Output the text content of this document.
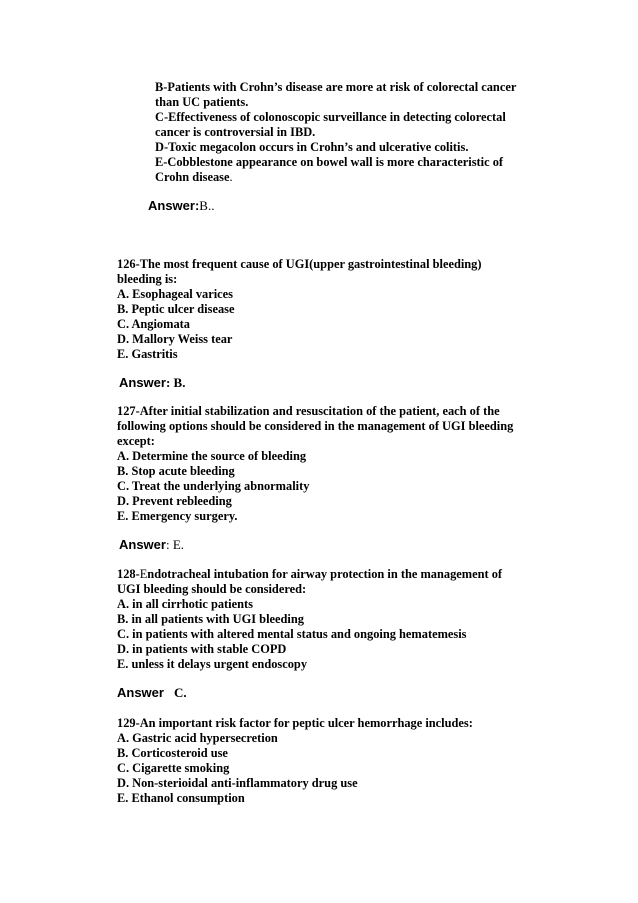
B-Patients with Crohn’s disease are more at risk of colorectal cancer
than UC patients.
C-Effectiveness of colonoscopic surveillance in detecting colorectal
cancer is controversial in IBD.
D-Toxic megacolon occurs in Crohn’s and ulcerative colitis.
E-Cobblestone appearance on bowel wall is more characteristic of
Crohn disease.
Answer:B..
126-The most frequent cause of UGI(upper gastrointestinal bleeding)
bleeding is:
A. Esophageal varices
B. Peptic ulcer disease
C. Angiomata
D. Mallory Weiss tear
E. Gastritis
Answer: B.
127-After initial stabilization and resuscitation of the patient, each of the
following options should be considered in the management of UGI bleeding
except:
A. Determine the source of bleeding
B. Stop acute bleeding
C. Treat the underlying abnormality
D. Prevent rebleeding
E. Emergency surgery.
Answer: E.
128-Endotracheal intubation for airway protection in the management of
UGI bleeding should be considered:
A. in all cirrhotic patients
B. in all patients with UGI bleeding
C. in patients with altered mental status and ongoing hematemesis
D. in patients with stable COPD
E. unless it delays urgent endoscopy
Answer C.
129-An important risk factor for peptic ulcer hemorrhage includes:
A. Gastric acid hypersecretion
B. Corticosteroid use
C. Cigarette smoking
D. Non-sterioidal anti-inflammatory drug use
E. Ethanol consumption
